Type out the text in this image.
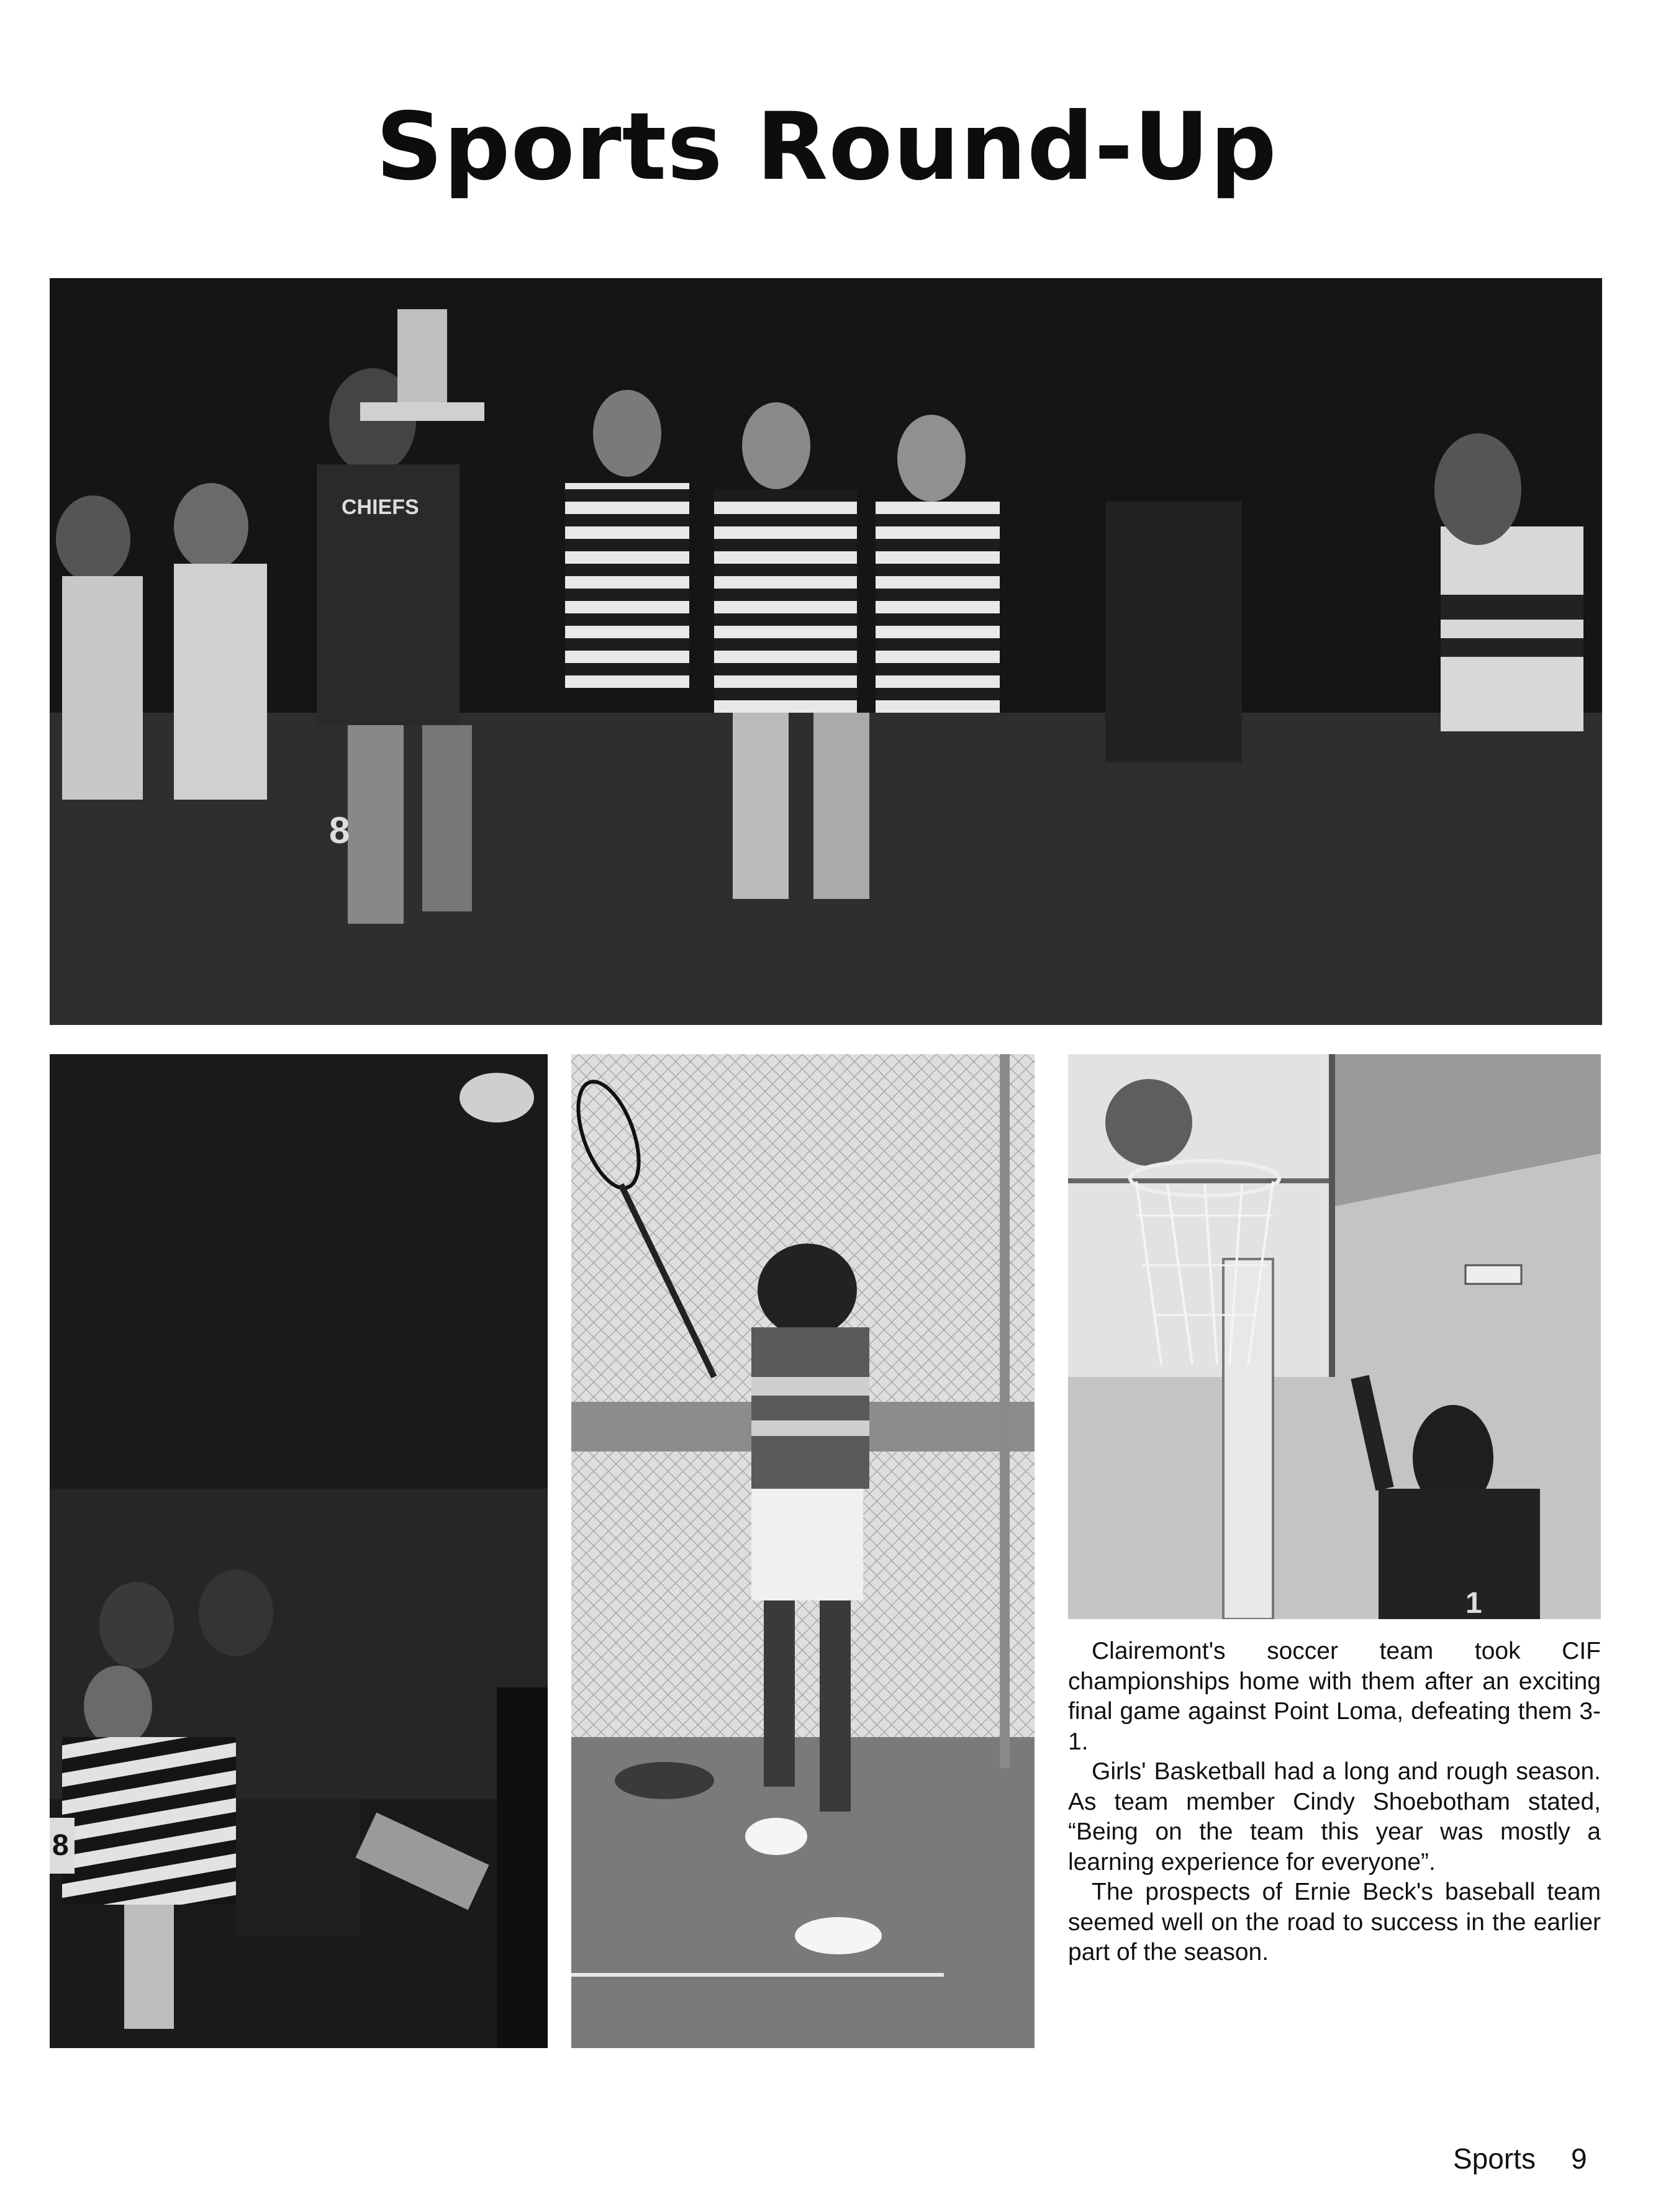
Sports Round-Up
CHIEFS
8
8
1

Clairemont's soccer team took CIF championships home with them after an exciting final game against Point Loma, defeating them 3-1.

Girls' Basketball had a long and rough season. As team member Cindy Shoebotham stated, “Being on the team this year was mostly a learning experience for everyone”.

The prospects of Ernie Beck's baseball team seemed well on the road to success in the earlier part of the season.

Sports 9
